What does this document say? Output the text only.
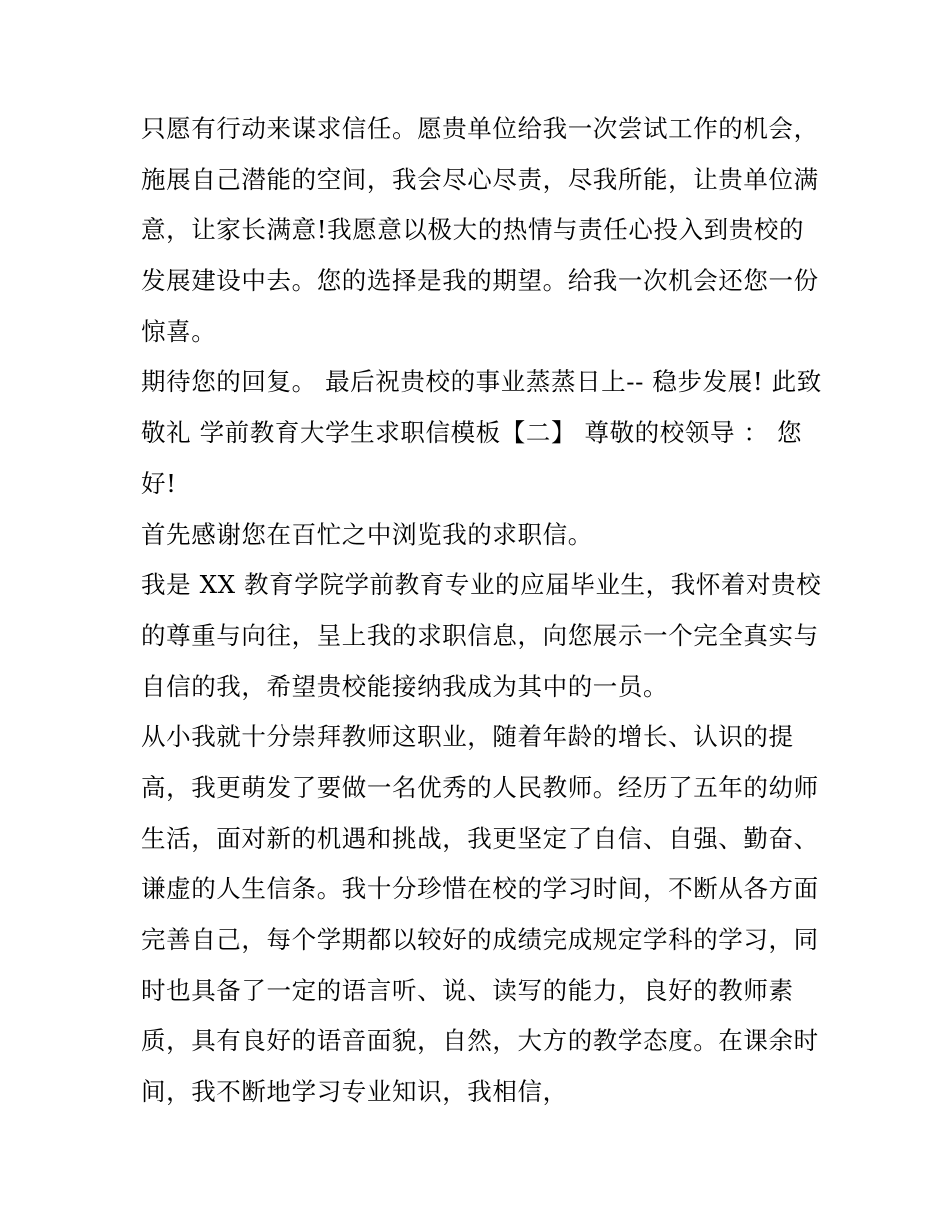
只愿有行动来谋求信任。愿贵单位给我一次尝试工作的机会，
施展自己潜能的空间，我会尽心尽责，尽我所能，让贵单位满
意，让家长满意!我愿意以极大的热情与责任心投入到贵校的
发展建设中去。您的选择是我的期望。给我一次机会还您一份
惊喜。
期待您的回复。 最后祝贵校的事业蒸蒸日上-- 稳步发展! 此致
敬礼 学前教育大学生求职信模板【二】 尊敬的校领导 ： 您
好!
首先感谢您在百忙之中浏览我的求职信。
我是 XX 教育学院学前教育专业的应届毕业生，我怀着对贵校
的尊重与向往，呈上我的求职信息，向您展示一个完全真实与
自信的我，希望贵校能接纳我成为其中的一员。
从小我就十分崇拜教师这职业，随着年龄的增长、认识的提
高，我更萌发了要做一名优秀的人民教师。经历了五年的幼师
生活，面对新的机遇和挑战，我更坚定了自信、自强、勤奋、
谦虚的人生信条。我十分珍惜在校的学习时间，不断从各方面
完善自己，每个学期都以较好的成绩完成规定学科的学习，同
时也具备了一定的语言听、说、读写的能力，良好的教师素
质，具有良好的语音面貌，自然，大方的教学态度。在课余时
间，我不断地学习专业知识，我相信，
